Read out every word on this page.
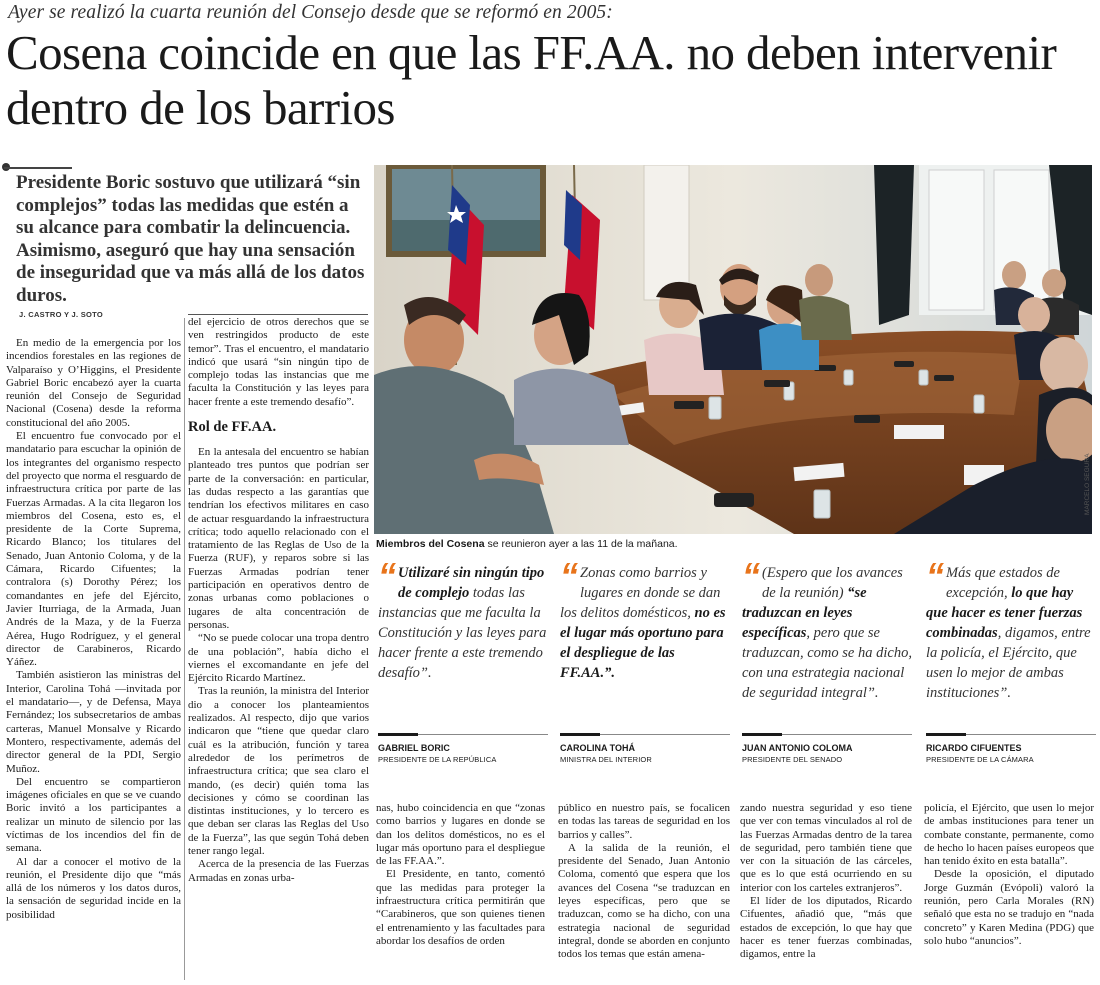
Ayer se realizó la cuarta reunión del Consejo desde que se reformó en 2005:
Cosena coincide en que las FF.AA. no deben intervenir dentro de los barrios
Presidente Boric sostuvo que utilizará “sin complejos” todas las medidas que estén a su alcance para combatir la delincuencia. Asimismo, aseguró que hay una sensación de inseguridad que va más allá de los datos duros.
J. CASTRO Y J. SOTO

En medio de la emergencia por los incendios forestales en las regiones de Valparaíso y O’Higgins, el Presidente Gabriel Boric encabezó ayer la cuarta reunión del Consejo de Seguridad Nacional (Cosena) desde la reforma constitucional del año 2005.

El encuentro fue convocado por el mandatario para escuchar la opinión de los integrantes del organismo respecto del proyecto que norma el resguardo de infraestructura crítica por parte de las Fuerzas Armadas. A la cita llegaron los miembros del Cosena, esto es, el presidente de la Corte Suprema, Ricardo Blanco; los titulares del Senado, Juan Antonio Coloma, y de la Cámara, Ricardo Cifuentes; la contralora (s) Dorothy Pérez; los comandantes en jefe del Ejército, Javier Iturriaga, de la Armada, Juan Andrés de la Maza, y de la Fuerza Aérea, Hugo Rodríguez, y el general director de Carabineros, Ricardo Yáñez.

También asistieron las ministras del Interior, Carolina Tohá —invitada por el mandatario—, y de Defensa, Maya Fernández; los subsecretarios de ambas carteras, Manuel Monsalve y Ricardo Montero, respectivamente, además del director general de la PDI, Sergio Muñoz.

Del encuentro se compartieron imágenes oficiales en que se ve cuando Boric invitó a los participantes a realizar un minuto de silencio por las víctimas de los incendios del fin de semana.

Al dar a conocer el motivo de la reunión, el Presidente dijo que “más allá de los números y los datos duros, la sensación de seguridad incide en la posibilidad

del ejercicio de otros derechos que se ven restringidos producto de este temor”. Tras el encuentro, el mandatario indicó que usará “sin ningún tipo de complejo todas las instancias que me faculta la Constitución y las leyes para hacer frente a este tremendo desafío”.

Rol de FF.AA.

En la antesala del encuentro se habían planteado tres puntos que podrían ser parte de la conversación: en particular, las dudas respecto a las garantías que tendrían los efectivos militares en caso de actuar resguardando la infraestructura crítica; todo aquello relacionado con el tratamiento de las Reglas de Uso de la Fuerza (RUF), y reparos sobre si las Fuerzas Armadas podrían tener participación en operativos dentro de zonas urbanas como poblaciones o lugares de alta concentración de personas.

“No se puede colocar una tropa dentro de una población”, había dicho el viernes el excomandante en jefe del Ejército Ricardo Martínez.

Tras la reunión, la ministra del Interior dio a conocer los planteamientos realizados. Al respecto, dijo que varios indicaron que “tiene que quedar claro cuál es la atribución, función y tarea alrededor de los perímetros de infraestructura crítica; que sea claro el mando, (es decir) quién toma las decisiones y cómo se coordinan las distintas instituciones, y lo tercero es que deban ser claras las Reglas del Uso de la Fuerza”, las que según Tohá deben tener rango legal.

Acerca de la presencia de las Fuerzas Armadas en zonas urba-

MARCELO SEGURA
Miembros del Cosena se reunieron ayer a las 11 de la mañana.
“ Utilizaré sin ningún tipo de complejo todas las instancias que me faculta la Constitución y las leyes para hacer frente a este tremendo desafío”.
GABRIEL BORIC
PRESIDENTE DE LA REPÚBLICA
“ Zonas como barrios y lugares en donde se dan los delitos domésticos, no es el lugar más oportuno para el despliegue de las FF.AA.”.
CAROLINA TOHÁ
MINISTRA DEL INTERIOR
“ (Espero que los avances de la reunión) “se traduzcan en leyes específicas, pero que se traduzcan, como se ha dicho, con una estrategia nacional de seguridad integral”.
JUAN ANTONIO COLOMA
PRESIDENTE DEL SENADO
“ Más que estados de excepción, lo que hay que hacer es tener fuerzas combinadas, digamos, entre la policía, el Ejército, que usen lo mejor de ambas instituciones”.
RICARDO CIFUENTES
PRESIDENTE DE LA CÁMARA

nas, hubo coincidencia en que “zonas como barrios y lugares en donde se dan los delitos domésticos, no es el lugar más oportuno para el despliegue de las FF.AA.”.

El Presidente, en tanto, comentó que las medidas para proteger la infraestructura crítica permitirán que “Carabineros, que son quienes tienen el entrenamiento y las facultades para abordar los desafíos de orden

público en nuestro país, se focalicen en todas las tareas de seguridad en los barrios y calles”.

A la salida de la reunión, el presidente del Senado, Juan Antonio Coloma, comentó que espera que los avances del Cosena “se traduzcan en leyes específicas, pero que se traduzcan, como se ha dicho, con una estrategia nacional de seguridad integral, donde se aborden en conjunto todos los temas que están amena-

zando nuestra seguridad y eso tiene que ver con temas vinculados al rol de las Fuerzas Armadas dentro de la tarea de seguridad, pero también tiene que ver con la situación de las cárceles, que es lo que está ocurriendo en su interior con los carteles extranjeros”.

El líder de los diputados, Ricardo Cifuentes, añadió que, “más que estados de excepción, lo que hay que hacer es tener fuerzas combinadas, digamos, entre la

policía, el Ejército, que usen lo mejor de ambas instituciones para tener un combate constante, permanente, como de hecho lo hacen países europeos que han tenido éxito en esta batalla”.

Desde la oposición, el diputado Jorge Guzmán (Evópoli) valoró la reunión, pero Carla Morales (RN) señaló que esta no se tradujo en “nada concreto” y Karen Medina (PDG) que solo hubo “anuncios”.
